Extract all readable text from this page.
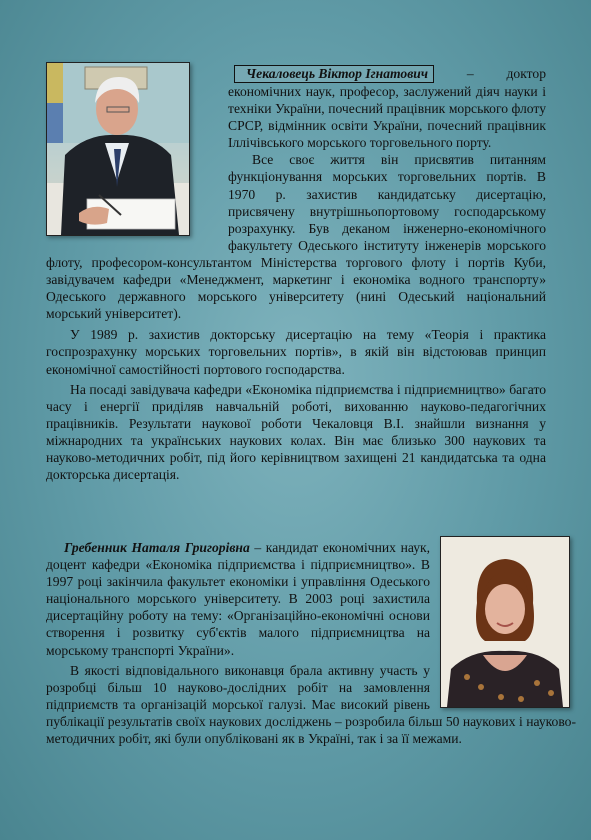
Чекаловець Віктор Ігнатович – доктор економічних наук, професор, заслужений діяч науки і техніки України, почесний працівник морського флоту СРСР, відмінник освіти України, почесний працівник Іллічівського морського торговельного порту.

Все своє життя він присвятив питанням функціонування морських торговельних портів. В 1970 р. захистив кандидатську дисертацію, присвячену внутрішньопортовому господарському розрахунку. Був деканом інженерно-економічного факультету Одеського інституту інженерів морського флоту, професором-консультантом Міністерства торгового флоту і портів Куби, завідувачем кафедри «Менеджмент, маркетинг і економіка водного транспорту» Одеського державного морського університету (нині Одеський національний морський університет).

У 1989 р. захистив докторську дисертацію на тему «Теорія і практика госпрозрахунку морських торговельних портів», в якій він відстоював принцип економічної самостійності портового господарства.

На посаді завідувача кафедри «Економіка підприємства і підприємництво» багато часу і енергії приділяв навчальній роботі, вихованню науково-педагогічних працівників. Результати наукової роботи Чекаловця В.І. знайшли визнання у міжнародних та українських наукових колах. Він має близько 300 наукових та науково-методичних робіт, під його керівництвом захищені 21 кандидатська та одна докторська дисертація.

Гребенник Наталя Григорівна – кандидат економічних наук, доцент кафедри «Економіка підприємства і підприємництво». В 1997 році закінчила факультет економіки і управління Одеського національного морського університету. В 2003 році захистила дисертаційну роботу на тему: «Організаційно-економічні основи створення і розвитку суб'єктів малого підприємництва на морському транспорті України».

В якості відповідального виконавця брала активну участь у розробці більш 10 науково-дослідних робіт на замовлення підприємств та організацій морської галузі. Має високий рівень публікації результатів своїх наукових досліджень – розробила більш 50 наукових і науково-методичних робіт, які були опубліковані як в Україні, так і за її межами.
